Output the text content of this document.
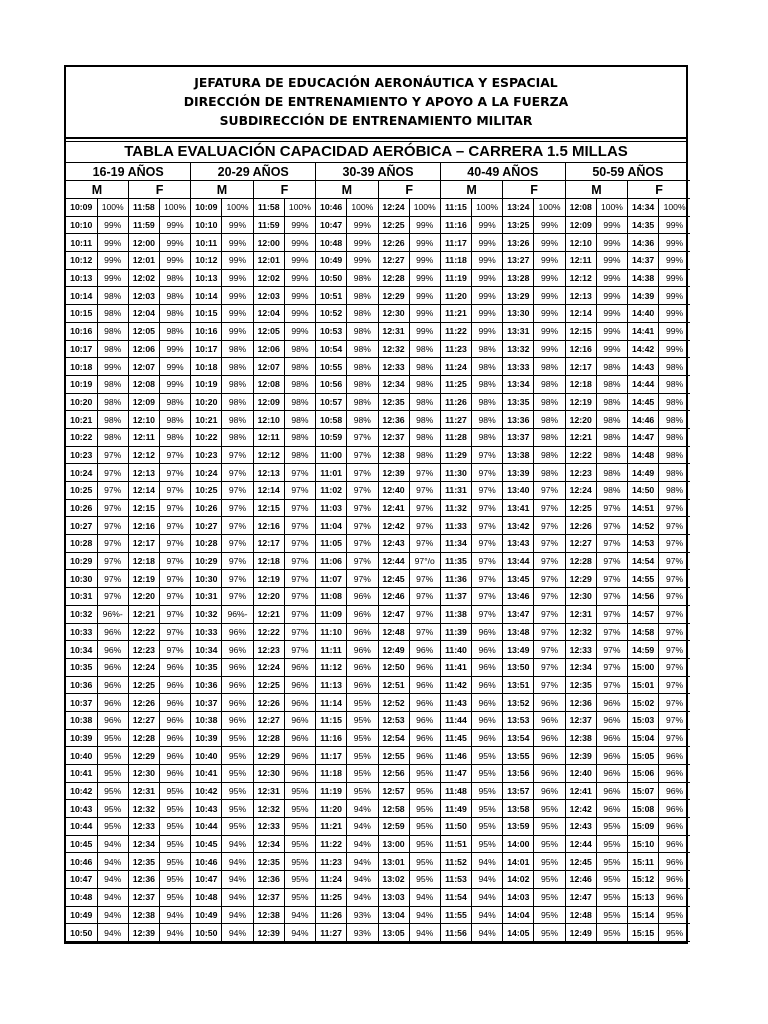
JEFATURA DE EDUCACIÓN AERONÁUTICA Y ESPACIAL
DIRECCIÓN DE ENTRENAMIENTO Y APOYO A LA FUERZA
SUBDIRECCIÓN DE ENTRENAMIENTO MILITAR
TABLA EVALUACIÓN CAPACIDAD AERÓBICA – CARRERA 1.5 MILLAS
16-19 AÑOS				20-29 AÑOS				30-39 AÑOS				40-49 AÑOS				50-59 AÑOS			
M		F		M		F		M		F		M		F		M		F	
10:09	100%	11:58	100%	10:09	100%	11:58	100%	10:46	100%	12:24	100%	11:15	100%	13:24	100%	12:08	100%	14:34	100%
10:10	99%	11:59	99%	10:10	99%	11:59	99%	10:47	99%	12:25	99%	11:16	99%	13:25	99%	12:09	99%	14:35	99%
10:11	99%	12:00	99%	10:11	99%	12:00	99%	10:48	99%	12:26	99%	11:17	99%	13:26	99%	12:10	99%	14:36	99%
10:12	99%	12:01	99%	10:12	99%	12:01	99%	10:49	99%	12:27	99%	11:18	99%	13:27	99%	12:11	99%	14:37	99%
10:13	99%	12:02	98%	10:13	99%	12:02	99%	10:50	98%	12:28	99%	11:19	99%	13:28	99%	12:12	99%	14:38	99%
10:14	98%	12:03	98%	10:14	99%	12:03	99%	10:51	98%	12:29	99%	11:20	99%	13:29	99%	12:13	99%	14:39	99%
10:15	98%	12:04	98%	10:15	99%	12:04	99%	10:52	98%	12:30	99%	11:21	99%	13:30	99%	12:14	99%	14:40	99%
10:16	98%	12:05	98%	10:16	99%	12:05	99%	10:53	98%	12:31	99%	11:22	99%	13:31	99%	12:15	99%	14:41	99%
10:17	98%	12:06	99%	10:17	98%	12:06	98%	10:54	98%	12:32	98%	11:23	98%	13:32	99%	12:16	99%	14:42	99%
10:18	99%	12:07	99%	10:18	98%	12:07	98%	10:55	98%	12:33	98%	11:24	98%	13:33	98%	12:17	98%	14:43	98%
10:19	98%	12:08	99%	10:19	98%	12:08	98%	10:56	98%	12:34	98%	11:25	98%	13:34	98%	12:18	98%	14:44	98%
10:20	98%	12:09	98%	10:20	98%	12:09	98%	10:57	98%	12:35	98%	11:26	98%	13:35	98%	12:19	98%	14:45	98%
10:21	98%	12:10	98%	10:21	98%	12:10	98%	10:58	98%	12:36	98%	11:27	98%	13:36	98%	12:20	98%	14:46	98%
10:22	98%	12:11	98%	10:22	98%	12:11	98%	10:59	97%	12:37	98%	11:28	98%	13:37	98%	12:21	98%	14:47	98%
10:23	97%	12:12	97%	10:23	97%	12:12	98%	11:00	97%	12:38	98%	11:29	97%	13:38	98%	12:22	98%	14:48	98%
10:24	97%	12:13	97%	10:24	97%	12:13	97%	11:01	97%	12:39	97%	11:30	97%	13:39	98%	12:23	98%	14:49	98%
10:25	97%	12:14	97%	10:25	97%	12:14	97%	11:02	97%	12:40	97%	11:31	97%	13:40	97%	12:24	98%	14:50	98%
10:26	97%	12:15	97%	10:26	97%	12:15	97%	11:03	97%	12:41	97%	11:32	97%	13:41	97%	12:25	97%	14:51	97%
10:27	97%	12:16	97%	10:27	97%	12:16	97%	11:04	97%	12:42	97%	11:33	97%	13:42	97%	12:26	97%	14:52	97%
10:28	97%	12:17	97%	10:28	97%	12:17	97%	11:05	97%	12:43	97%	11:34	97%	13:43	97%	12:27	97%	14:53	97%
10:29	97%	12:18	97%	10:29	97%	12:18	97%	11:06	97%	12:44	97°/o	11:35	97%	13:44	97%	12:28	97%	14:54	97%
10:30	97%	12:19	97%	10:30	97%	12:19	97%	11:07	97%	12:45	97%	11:36	97%	13:45	97%	12:29	97%	14:55	97%
10:31	97%	12:20	97%	10:31	97%	12:20	97%	11:08	96%	12:46	97%	11:37	97%	13:46	97%	12:30	97%	14:56	97%
10:32	96%-	12:21	97%	10:32	96%-	12:21	97%	11:09	96%	12:47	97%	11:38	97%	13:47	97%	12:31	97%	14:57	97%
10:33	96%	12:22	97%	10:33	96%	12:22	97%	11:10	96%	12:48	97%	11:39	96%	13:48	97%	12:32	97%	14:58	97%
10:34	96%	12:23	97%	10:34	96%	12:23	97%	11:11	96%	12:49	96%	11:40	96%	13:49	97%	12:33	97%	14:59	97%
10:35	96%	12:24	96%	10:35	96%	12:24	96%	11:12	96%	12:50	96%	11:41	96%	13:50	97%	12:34	97%	15:00	97%
10:36	96%	12:25	96%	10:36	96%	12:25	96%	11:13	96%	12:51	96%	11:42	96%	13:51	97%	12:35	97%	15:01	97%
10:37	96%	12:26	96%	10:37	96%	12:26	96%	11:14	95%	12:52	96%	11:43	96%	13:52	96%	12:36	96%	15:02	97%
10:38	96%	12:27	96%	10:38	96%	12:27	96%	11:15	95%	12:53	96%	11:44	96%	13:53	96%	12:37	96%	15:03	97%
10:39	95%	12:28	96%	10:39	95%	12:28	96%	11:16	95%	12:54	96%	11:45	96%	13:54	96%	12:38	96%	15:04	97%
10:40	95%	12:29	96%	10:40	95%	12:29	96%	11:17	95%	12:55	96%	11:46	95%	13:55	96%	12:39	96%	15:05	96%
10:41	95%	12:30	96%	10:41	95%	12:30	96%	11:18	95%	12:56	95%	11:47	95%	13:56	96%	12:40	96%	15:06	96%
10:42	95%	12:31	95%	10:42	95%	12:31	95%	11:19	95%	12:57	95%	11:48	95%	13:57	96%	12:41	96%	15:07	96%
10:43	95%	12:32	95%	10:43	95%	12:32	95%	11:20	94%	12:58	95%	11:49	95%	13:58	95%	12:42	96%	15:08	96%
10:44	95%	12:33	95%	10:44	95%	12:33	95%	11:21	94%	12:59	95%	11:50	95%	13:59	95%	12:43	95%	15:09	96%
10:45	94%	12:34	95%	10:45	94%	12:34	95%	11:22	94%	13:00	95%	11:51	95%	14:00	95%	12:44	95%	15:10	96%
10:46	94%	12:35	95%	10:46	94%	12:35	95%	11:23	94%	13:01	95%	11:52	94%	14:01	95%	12:45	95%	15:11	96%
10:47	94%	12:36	95%	10:47	94%	12:36	95%	11:24	94%	13:02	95%	11:53	94%	14:02	95%	12:46	95%	15:12	96%
10:48	94%	12:37	95%	10:48	94%	12:37	95%	11:25	94%	13:03	94%	11:54	94%	14:03	95%	12:47	95%	15:13	96%
10:49	94%	12:38	94%	10:49	94%	12:38	94%	11:26	93%	13:04	94%	11:55	94%	14:04	95%	12:48	95%	15:14	95%
10:50	94%	12:39	94%	10:50	94%	12:39	94%	11:27	93%	13:05	94%	11:56	94%	14:05	95%	12:49	95%	15:15	95%
